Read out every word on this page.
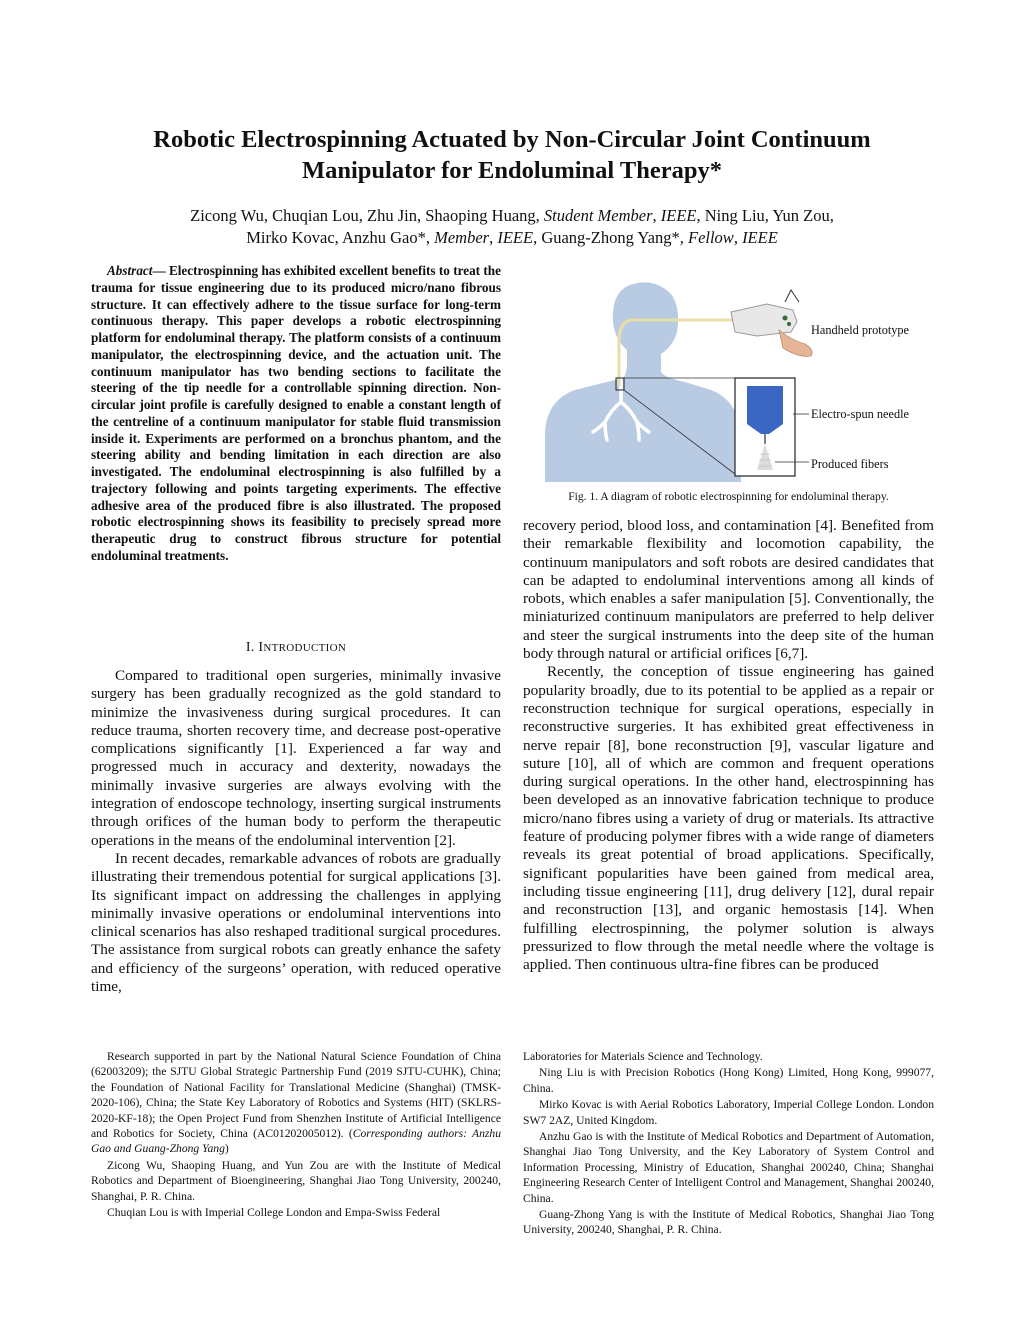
Robotic Electrospinning Actuated by Non-Circular Joint Continuum Manipulator for Endoluminal Therapy*
Zicong Wu, Chuqian Lou, Zhu Jin, Shaoping Huang, Student Member, IEEE, Ning Liu, Yun Zou,
Mirko Kovac, Anzhu Gao*, Member, IEEE, Guang-Zhong Yang*, Fellow, IEEE
Abstract— Electrospinning has exhibited excellent benefits to treat the trauma for tissue engineering due to its produced micro/nano fibrous structure. It can effectively adhere to the tissue surface for long-term continuous therapy. This paper develops a robotic electrospinning platform for endoluminal therapy. The platform consists of a continuum manipulator, the electrospinning device, and the actuation unit. The continuum manipulator has two bending sections to facilitate the steering of the tip needle for a controllable spinning direction. Non-circular joint profile is carefully designed to enable a constant length of the centreline of a continuum manipulator for stable fluid transmission inside it. Experiments are performed on a bronchus phantom, and the steering ability and bending limitation in each direction are also investigated. The endoluminal electrospinning is also fulfilled by a trajectory following and points targeting experiments. The effective adhesive area of the produced fibre is also illustrated. The proposed robotic electrospinning shows its feasibility to precisely spread more therapeutic drug to construct fibrous structure for potential endoluminal treatments.
I. INTRODUCTION

Compared to traditional open surgeries, minimally invasive surgery has been gradually recognized as the gold standard to minimize the invasiveness during surgical procedures. It can reduce trauma, shorten recovery time, and decrease post-operative complications significantly [1]. Experienced a far way and progressed much in accuracy and dexterity, nowadays the minimally invasive surgeries are always evolving with the integration of endoscope technology, inserting surgical instruments through orifices of the human body to perform the therapeutic operations in the means of the endoluminal intervention [2].

In recent decades, remarkable advances of robots are gradually illustrating their tremendous potential for surgical applications [3]. Its significant impact on addressing the challenges in applying minimally invasive operations or endoluminal interventions into clinical scenarios has also reshaped traditional surgical procedures. The assistance from surgical robots can greatly enhance the safety and efficiency of the surgeons’ operation, with reduced operative time,

Handheld prototype
Electro-spun needle
Produced fibers
Fig. 1. A diagram of robotic electrospinning for endoluminal therapy.

recovery period, blood loss, and contamination [4]. Benefited from their remarkable flexibility and locomotion capability, the continuum manipulators and soft robots are desired candidates that can be adapted to endoluminal interventions among all kinds of robots, which enables a safer manipulation [5]. Conventionally, the miniaturized continuum manipulators are preferred to help deliver and steer the surgical instruments into the deep site of the human body through natural or artificial orifices [6,7].

Recently, the conception of tissue engineering has gained popularity broadly, due to its potential to be applied as a repair or reconstruction technique for surgical operations, especially in reconstructive surgeries. It has exhibited great effectiveness in nerve repair [8], bone reconstruction [9], vascular ligature and suture [10], all of which are common and frequent operations during surgical operations. In the other hand, electrospinning has been developed as an innovative fabrication technique to produce micro/nano fibres using a variety of drug or materials. Its attractive feature of producing polymer fibres with a wide range of diameters reveals its great potential of broad applications. Specifically, significant popularities have been gained from medical area, including tissue engineering [11], drug delivery [12], dural repair and reconstruction [13], and organic hemostasis [14]. When fulfilling electrospinning, the polymer solution is always pressurized to flow through the metal needle where the voltage is applied. Then continuous ultra-fine fibres can be produced

Research supported in part by the National Natural Science Foundation of China (62003209); the SJTU Global Strategic Partnership Fund (2019 SJTU-CUHK), China; the Foundation of National Facility for Translational Medicine (Shanghai) (TMSK-2020-106), China; the State Key Laboratory of Robotics and Systems (HIT) (SKLRS-2020-KF-18); the Open Project Fund from Shenzhen Institute of Artificial Intelligence and Robotics for Society, China (AC01202005012). (Corresponding authors: Anzhu Gao and Guang-Zhong Yang)

Zicong Wu, Shaoping Huang, and Yun Zou are with the Institute of Medical Robotics and Department of Bioengineering, Shanghai Jiao Tong University, 200240, Shanghai, P. R. China.

Chuqian Lou is with Imperial College London and Empa-Swiss Federal

Laboratories for Materials Science and Technology.

Ning Liu is with Precision Robotics (Hong Kong) Limited, Hong Kong, 999077, China.

Mirko Kovac is with Aerial Robotics Laboratory, Imperial College London. London SW7 2AZ, United Kingdom.

Anzhu Gao is with the Institute of Medical Robotics and Department of Automation, Shanghai Jiao Tong University, and the Key Laboratory of System Control and Information Processing, Ministry of Education, Shanghai 200240, China; Shanghai Engineering Research Center of Intelligent Control and Management, Shanghai 200240, China.

Guang-Zhong Yang is with the Institute of Medical Robotics, Shanghai Jiao Tong University, 200240, Shanghai, P. R. China.
